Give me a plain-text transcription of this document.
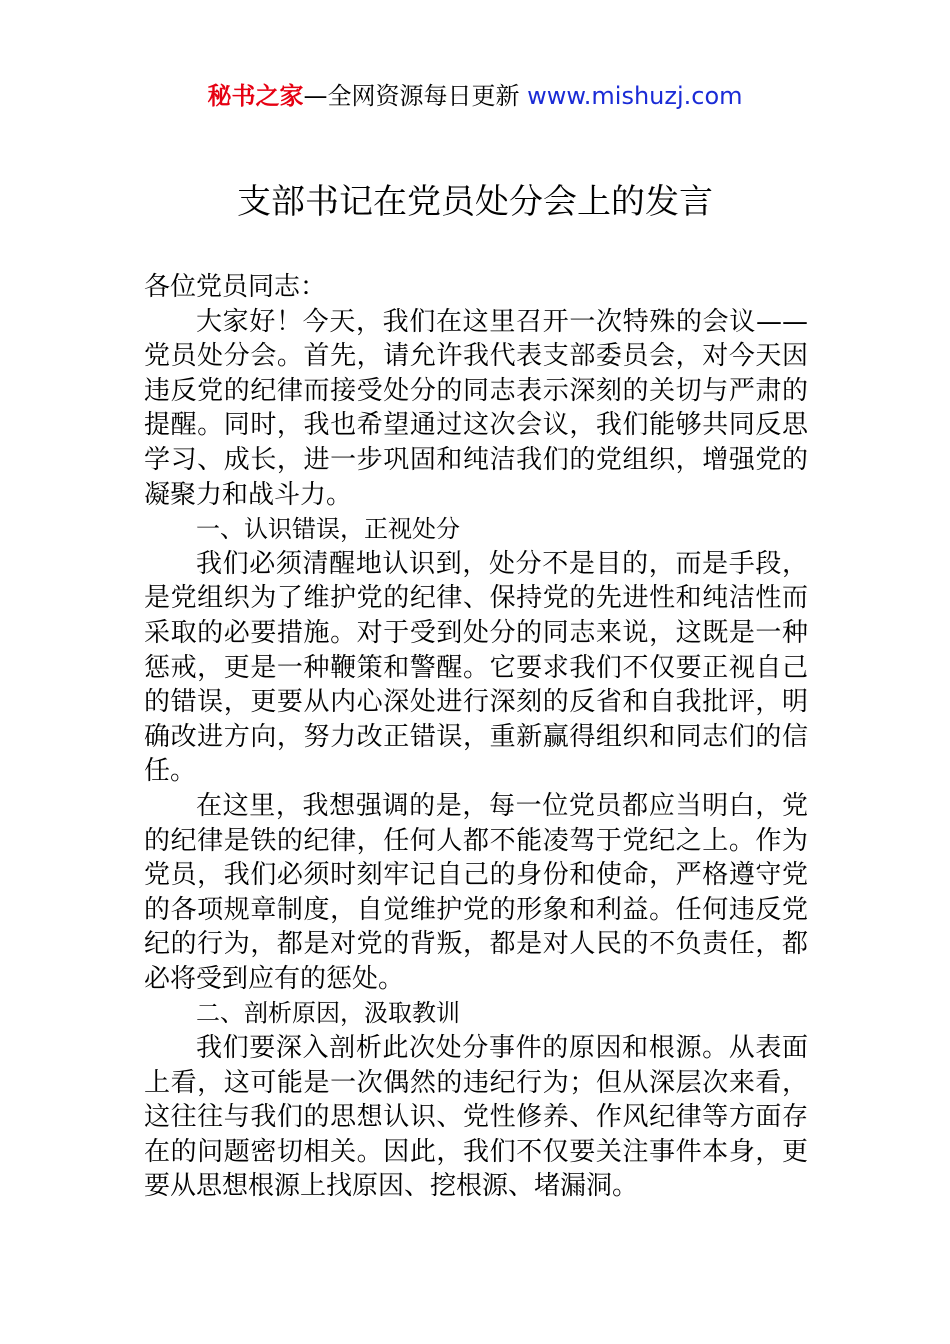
秘书之家—全网资源每日更新 www.mishuzj.com
支部书记在党员处分会上的发言

各位党员同志：

大家好！今天，我们在这里召开一次特殊的会议——党员处分会。首先，请允许我代表支部委员会，对今天因违反党的纪律而接受处分的同志表示深刻的关切与严肃的提醒。同时，我也希望通过这次会议，我们能够共同反思学习、成长，进一步巩固和纯洁我们的党组织，增强党的凝聚力和战斗力。

一、认识错误，正视处分

我们必须清醒地认识到，处分不是目的，而是手段，是党组织为了维护党的纪律、保持党的先进性和纯洁性而采取的必要措施。对于受到处分的同志来说，这既是一种惩戒，更是一种鞭策和警醒。它要求我们不仅要正视自己的错误，更要从内心深处进行深刻的反省和自我批评，明确改进方向，努力改正错误，重新赢得组织和同志们的信任。

在这里，我想强调的是，每一位党员都应当明白，党的纪律是铁的纪律，任何人都不能凌驾于党纪之上。作为党员，我们必须时刻牢记自己的身份和使命，严格遵守党的各项规章制度，自觉维护党的形象和利益。任何违反党纪的行为，都是对党的背叛，都是对人民的不负责任，都必将受到应有的惩处。

二、剖析原因，汲取教训

我们要深入剖析此次处分事件的原因和根源。从表面上看，这可能是一次偶然的违纪行为；但从深层次来看，这往往与我们的思想认识、党性修养、作风纪律等方面存在的问题密切相关。因此，我们不仅要关注事件本身，更要从思想根源上找原因、挖根源、堵漏洞。
